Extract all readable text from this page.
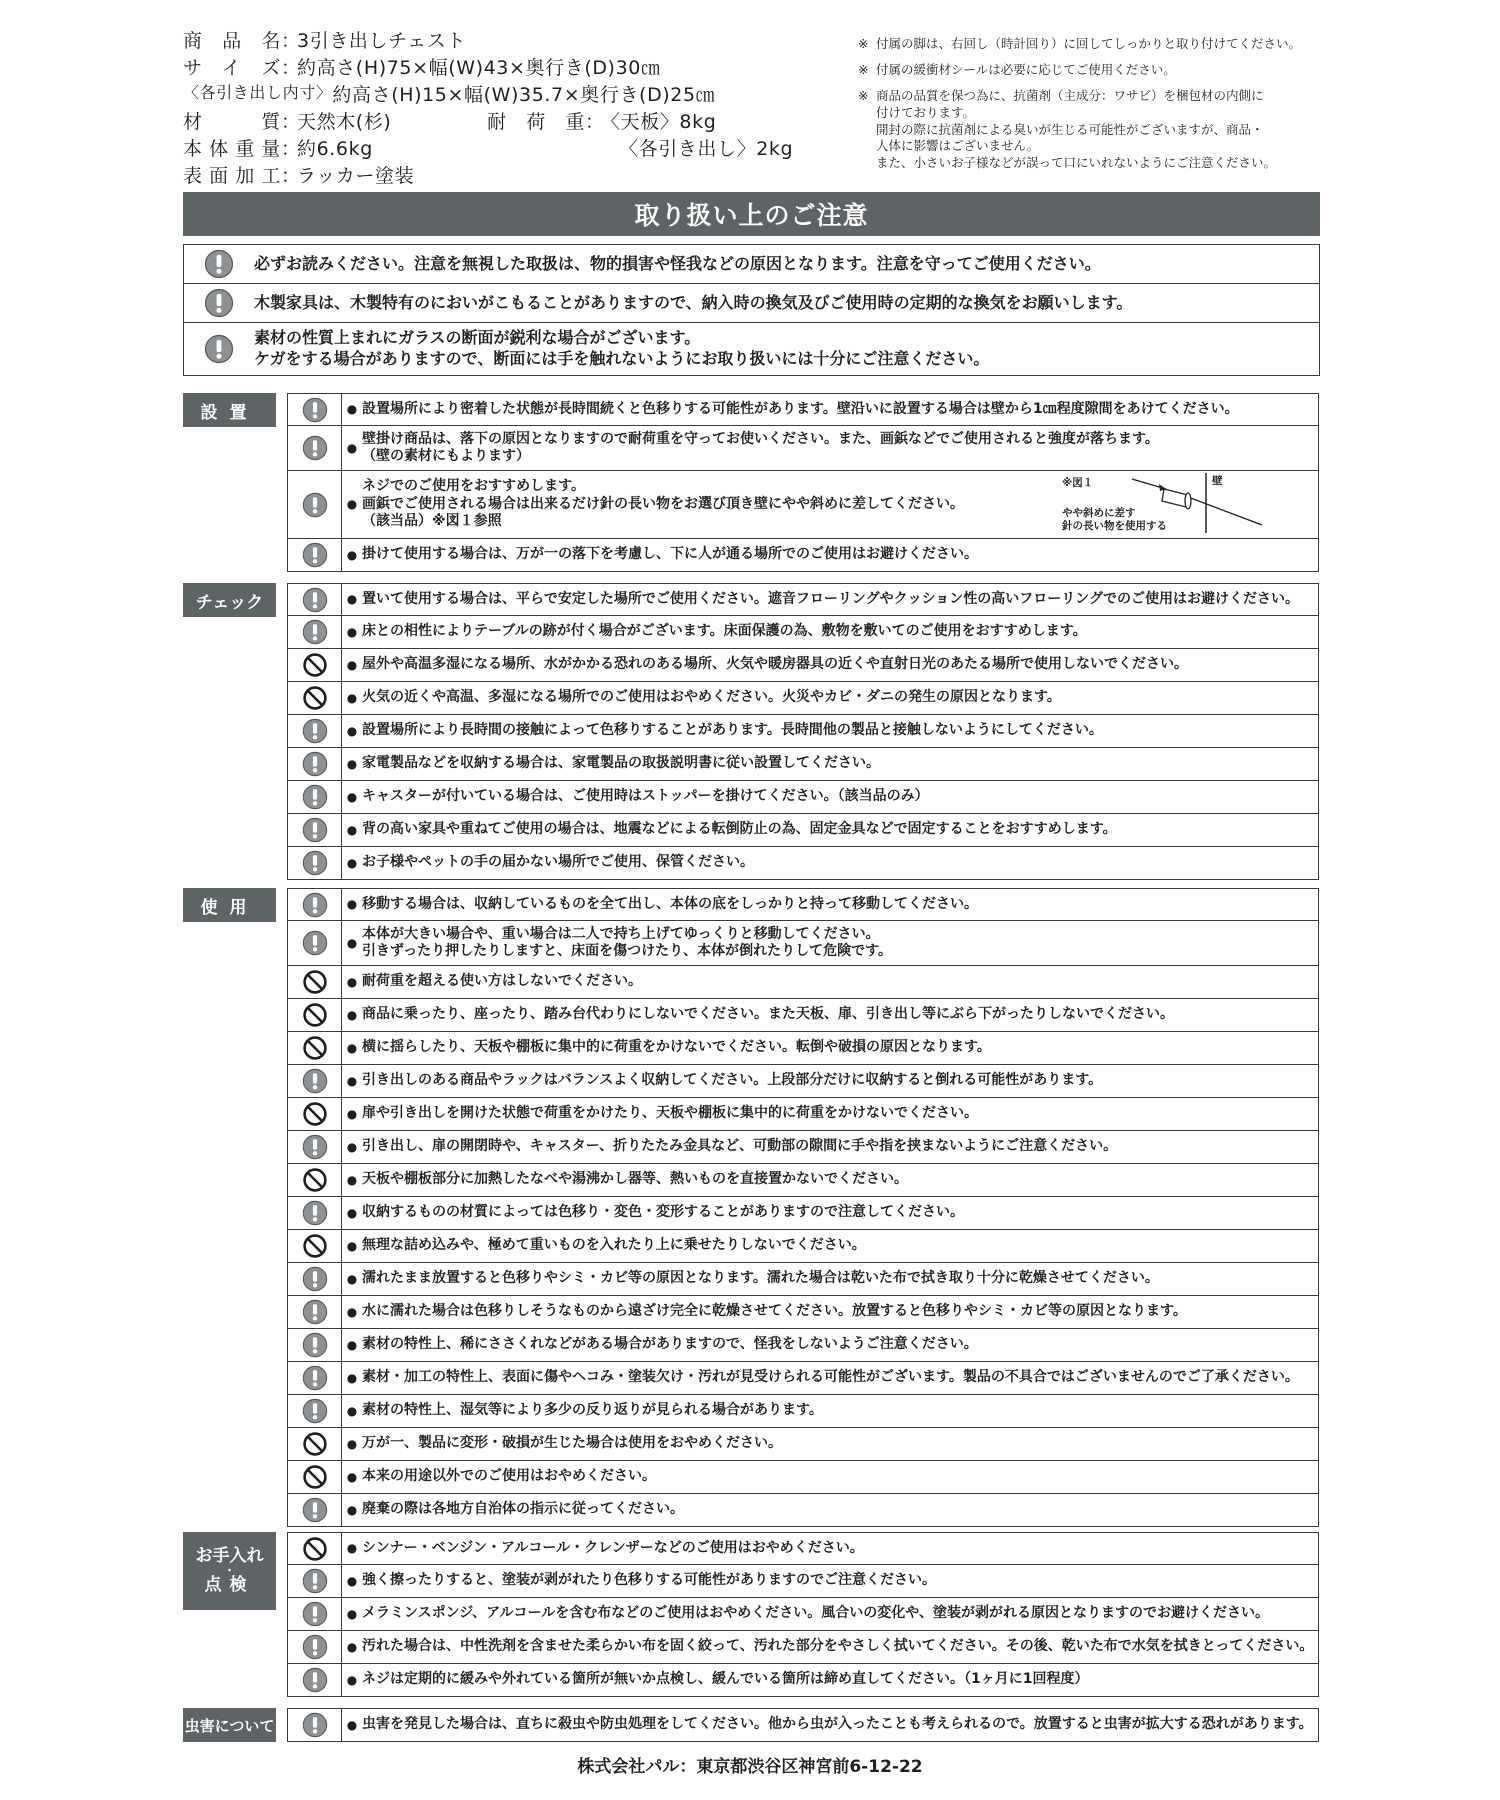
商品名 ：
3引き出しチェスト
サイズ ：
約高さ(H)75×幅(W)43×奥行き(D)30㎝
〈各引き出し内寸〉 約高さ(H)15×幅(W)35.7×奥行き(D)25㎝
材質 ：
天然木(杉)	耐荷重 ：
〈天板〉8kg
本体重量 ：
約6.6kg	〈各引き出し〉2kg
表面加工 ：
ラッカー塗装
※ 付属の脚は、右回し（時計回り）に回してしっかりと取り付けてください。
※ 付属の緩衝材シールは必要に応じてご使用ください。
※ 商品の品質を保つ為に、抗菌剤（主成分：ワサビ）を梱包材の内側に
付けております。
開封の際に抗菌剤による臭いが生じる可能性がございますが、商品・
人体に影響はございません。
また、小さいお子様などが誤って口にいれないようにご注意ください。
取り扱い上のご注意
必ずお読みください。注意を無視した取扱は、物的損害や怪我などの原因となります。注意を守ってご使用ください。
木製家具は、木製特有のにおいがこもることがありますので、納入時の換気及びご使用時の定期的な換気をお願いします。
素材の性質上まれにガラスの断面が鋭利な場合がございます。
ケガをする場合がありますので、断面には手を触れないようにお取り扱いには十分にご注意ください。
設置	● 設置場所により密着した状態が長時間続くと色移りする可能性があります。壁沿いに設置する場合は壁から1㎝程度隙間をあけてください。
●
壁掛け商品は、落下の原因となりますので耐荷重を守ってお使いください。また、画鋲などでご使用されると強度が落ちます。
（壁の素材にもよります）
●
ネジでのご使用をおすすめします。
画鋲でご使用される場合は出来るだけ針の長い物をお選び頂き壁にやや斜めに差してください。
（該当品）※図１参照
※図１	壁
やや斜めに差す
針の長い物を使用する
● 掛けて使用する場合は、万が一の落下を考慮し、下に人が通る場所でのご使用はお避けください。
チェック	● 置いて使用する場合は、平らで安定した場所でご使用ください。遮音フローリングやクッション性の高いフローリングでのご使用はお避けください。
● 床との相性によりテーブルの跡が付く場合がございます。床面保護の為、敷物を敷いてのご使用をおすすめします。
● 屋外や高温多湿になる場所、水がかかる恐れのある場所、火気や暖房器具の近くや直射日光のあたる場所で使用しないでください。
● 火気の近くや高温、多湿になる場所でのご使用はおやめください。火災やカビ・ダニの発生の原因となります。
● 設置場所により長時間の接触によって色移りすることがあります。長時間他の製品と接触しないようにしてください。
● 家電製品などを収納する場合は、家電製品の取扱説明書に従い設置してください。
● キャスターが付いている場合は、ご使用時はストッパーを掛けてください。（該当品のみ）
● 背の高い家具や重ねてご使用の場合は、地震などによる転倒防止の為、固定金具などで固定することをおすすめします。
● お子様やペットの手の届かない場所でご使用、保管ください。
使用	● 移動する場合は、収納しているものを全て出し、本体の底をしっかりと持って移動してください。
●
本体が大きい場合や、重い場合は二人で持ち上げてゆっくりと移動してください。
引きずったり押したりしますと、床面を傷つけたり、本体が倒れたりして危険です。
● 耐荷重を超える使い方はしないでください。
● 商品に乗ったり、座ったり、踏み台代わりにしないでください。また天板、扉、引き出し等にぶら下がったりしないでください。
● 横に揺らしたり、天板や棚板に集中的に荷重をかけないでください。転倒や破損の原因となります。
● 引き出しのある商品やラックはバランスよく収納してください。上段部分だけに収納すると倒れる可能性があります。
● 扉や引き出しを開けた状態で荷重をかけたり、天板や棚板に集中的に荷重をかけないでください。
● 引き出し、扉の開閉時や、キャスター、折りたたみ金具など、可動部の隙間に手や指を挟まないようにご注意ください。
● 天板や棚板部分に加熱したなべや湯沸かし器等、熱いものを直接置かないでください。
● 収納するものの材質によっては色移り・変色・変形することがありますので注意してください。
● 無理な詰め込みや、極めて重いものを入れたり上に乗せたりしないでください。
● 濡れたまま放置すると色移りやシミ・カビ等の原因となります。濡れた場合は乾いた布で拭き取り十分に乾燥させてください。
● 水に濡れた場合は色移りしそうなものから遠ざけ完全に乾燥させてください。放置すると色移りやシミ・カビ等の原因となります。
● 素材の特性上、稀にささくれなどがある場合がありますので、怪我をしないようご注意ください。
● 素材・加工の特性上、表面に傷やヘコみ・塗装欠け・汚れが見受けられる可能性がございます。製品の不具合ではございませんのでご了承ください。
● 素材の特性上、湿気等により多少の反り返りが見られる場合があります。
● 万が一、製品に変形・破損が生じた場合は使用をおやめください。
● 本来の用途以外でのご使用はおやめください。
● 廃棄の際は各地方自治体の指示に従ってください。
お手入れ
・
点検
● シンナー・ベンジン・アルコール・クレンザーなどのご使用はおやめください。
● 強く擦ったりすると、塗装が剥がれたり色移りする可能性がありますのでご注意ください。
● メラミンスポンジ、アルコールを含む布などのご使用はおやめください。風合いの変化や、塗装が剥がれる原因となりますのでお避けください。
● 汚れた場合は、中性洗剤を含ませた柔らかい布を固く絞って、汚れた部分をやさしく拭いてください。その後、乾いた布で水気を拭きとってください。
● ネジは定期的に緩みや外れている箇所が無いか点検し、緩んでいる箇所は締め直してください。（1ヶ月に1回程度）
虫害について	● 虫害を発見した場合は、直ちに殺虫や防虫処理をしてください。他から虫が入ったことも考えられるので。放置すると虫害が拡大する恐れがあります。
株式会社パル：東京都渋谷区神宮前6-12-22
